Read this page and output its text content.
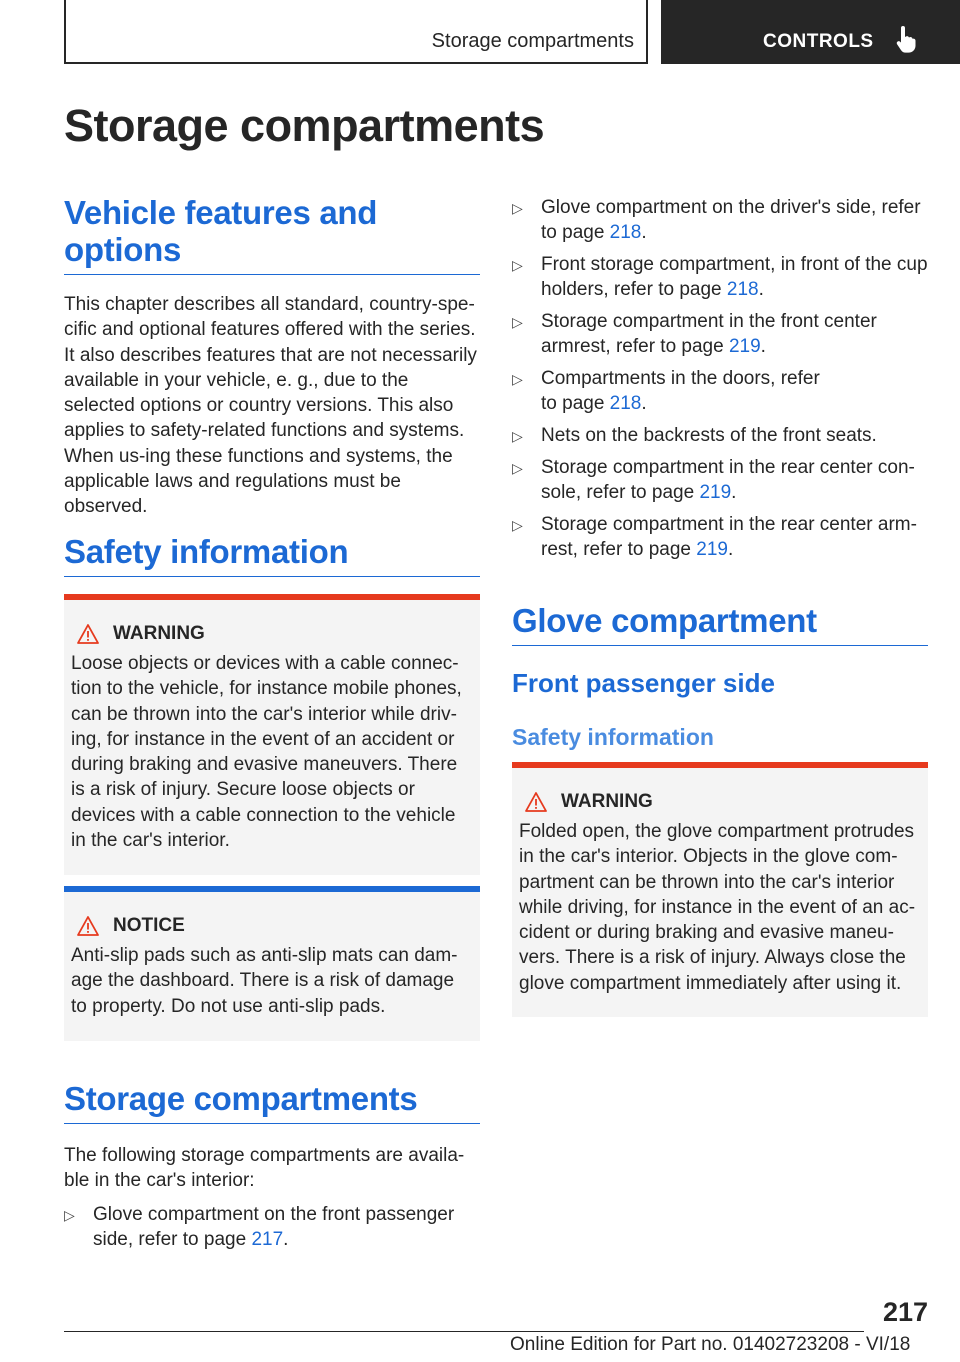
Storage compartments	CONTROLS
Storage compartments
Vehicle features and options

This chapter describes all standard, country-spe‐cific and optional features offered with the series. It also describes features that are not necessarily available in your vehicle, e. g., due to the selected options or country versions. This also applies to safety-related functions and systems. When us‐ing these functions and systems, the applicable laws and regulations must be observed.

Safety information
WARNING

Loose objects or devices with a cable connec‐tion to the vehicle, for instance mobile phones, can be thrown into the car's interior while driv‐ing, for instance in the event of an accident or during braking and evasive maneuvers. There is a risk of injury. Secure loose objects or devices with a cable connection to the vehicle in the car's interior.

NOTICE

Anti-slip pads such as anti-slip mats can dam‐age the dashboard. There is a risk of damage to property. Do not use anti-slip pads.

Storage compartments

The following storage compartments are availa‐ble in the car's interior:

▷ Glove compartment on the front passenger side, refer to page 217.
▷ Glove compartment on the driver's side, refer to page 218.
▷ Front storage compartment, in front of the cup holders, refer to page 218.
▷ Storage compartment in the front center armrest, refer to page 219.
▷ Compartments in the doors, refer to page 218.
▷ Nets on the backrests of the front seats.
▷ Storage compartment in the rear center con‐sole, refer to page 219.
▷ Storage compartment in the rear center arm‐rest, refer to page 219.
Glove compartment
Front passenger side
Safety information
WARNING

Folded open, the glove compartment protrudes in the car's interior. Objects in the glove com‐partment can be thrown into the car's interior while driving, for instance in the event of an ac‐cident or during braking and evasive maneu‐vers. There is a risk of injury. Always close the glove compartment immediately after using it.

217
Online Edition for Part no. 01402723208 - VI/18
